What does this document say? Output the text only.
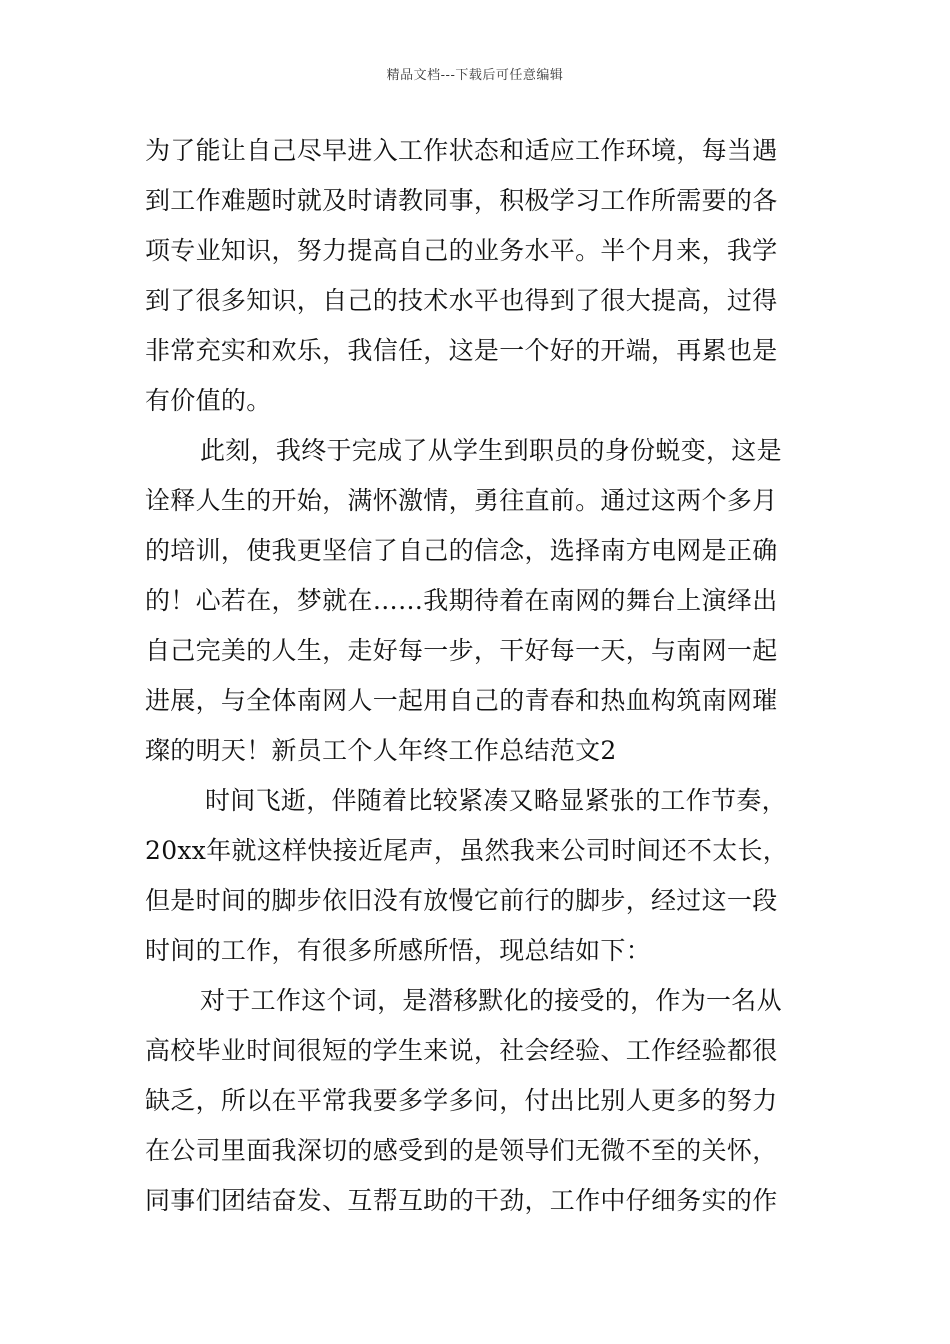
精品文档---下载后可任意编辑
为了能让自己尽早进入工作状态和适应工作环境，每当遇
到工作难题时就及时请教同事，积极学习工作所需要的各
项专业知识，努力提高自己的业务水平。半个月来，我学
到了很多知识，自己的技术水平也得到了很大提高，过得
非常充实和欢乐，我信任，这是一个好的开端，再累也是
有价值的。
此刻，我终于完成了从学生到职员的身份蜕变，这是
诠释人生的开始，满怀激情，勇往直前。通过这两个多月
的培训，使我更坚信了自己的信念，选择南方电网是正确
的！心若在，梦就在……我期待着在南网的舞台上演绎出
自己完美的人生，走好每一步，干好每一天，与南网一起
进展，与全体南网人一起用自己的青春和热血构筑南网璀
璨的明天！新员工个人年终工作总结范文2
时间飞逝，伴随着比较紧凑又略显紧张的工作节奏，
20xx年就这样快接近尾声，虽然我来公司时间还不太长，
但是时间的脚步依旧没有放慢它前行的脚步，经过这一段
时间的工作，有很多所感所悟，现总结如下：
对于工作这个词，是潜移默化的接受的，作为一名从
高校毕业时间很短的学生来说，社会经验、工作经验都很
缺乏，所以在平常我要多学多问，付出比别人更多的努力
在公司里面我深切的感受到的是领导们无微不至的关怀，
同事们团结奋发、互帮互助的干劲，工作中仔细务实的作
